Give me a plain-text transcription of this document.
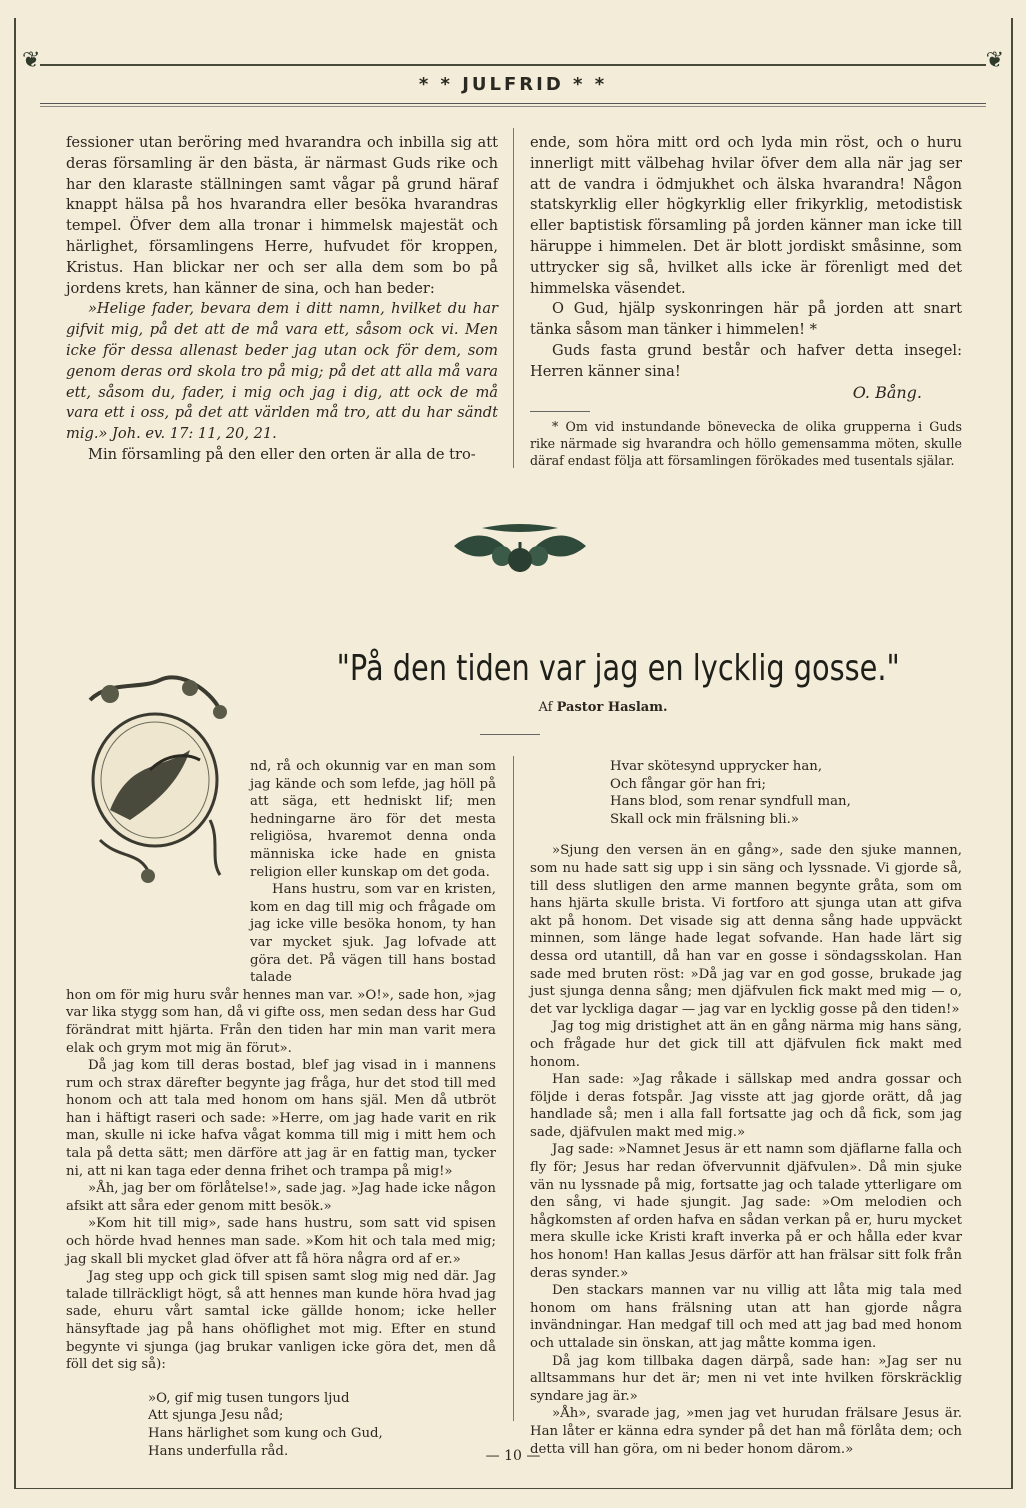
❦	❦
* * JULFRID * *

fessioner utan beröring med hvarandra och inbilla sig att deras församling är den bästa, är närmast Guds rike och har den klaraste ställningen samt vågar på grund häraf knappt hälsa på hos hvarandra eller besöka hvarandras tempel. Öfver dem alla tronar i himmelsk majestät och härlighet, församlingens Herre, hufvudet för kroppen, Kristus. Han blickar ner och ser alla dem som bo på jordens krets, han känner de sina, och han beder:

»Helige fader, bevara dem i ditt namn, hvilket du har gifvit mig, på det att de må vara ett, såsom ock vi. Men icke för dessa allenast beder jag utan ock för dem, som genom deras ord skola tro på mig; på det att alla må vara ett, såsom du, fader, i mig och jag i dig, att ock de må vara ett i oss, på det att världen må tro, att du har sändt mig.» Joh. ev. 17: 11, 20, 21.

Min församling på den eller den orten är alla de tro-

ende, som höra mitt ord och lyda min röst, och o huru innerligt mitt välbehag hvilar öfver dem alla när jag ser att de vandra i ödmjukhet och älska hvarandra! Någon statskyrklig eller högkyrklig eller frikyrklig, metodistisk eller baptistisk församling på jorden känner man icke till häruppe i himmelen. Det är blott jordiskt småsinne, som uttrycker sig så, hvilket alls icke är förenligt med det himmelska väsendet.

O Gud, hjälp syskonringen här på jorden att snart tänka såsom man tänker i himmelen! *

Guds fasta grund består och hafver detta insegel: Herren känner sina!

O. Bång.

* Om vid instundande bönevecka de olika grupperna i Guds rike närmade sig hvarandra och höllo gemensamma möten, skulle däraf endast följa att församlingen förökades med tusentals själar.

"På den tiden var jag en lycklig gosse."
Af Pastor Haslam.

nd, rå och okunnig var en man som jag kände och som lefde, jag höll på att säga, ett hedniskt lif; men hedningarne äro för det mesta religiösa, hvaremot denna onda människa icke hade en gnista religion eller kunskap om det goda.

Hans hustru, som var en kristen, kom en dag till mig och frågade om jag icke ville besöka honom, ty han var mycket sjuk. Jag lofvade att göra det. På vägen till hans bostad talade

hon om för mig huru svår hennes man var. »O!», sade hon, »jag var lika stygg som han, då vi gifte oss, men sedan dess har Gud förändrat mitt hjärta. Från den tiden har min man varit mera elak och grym mot mig än förut».

Då jag kom till deras bostad, blef jag visad in i mannens rum och strax därefter begynte jag fråga, hur det stod till med honom och att tala med honom om hans själ. Men då utbröt han i häftigt raseri och sade: »Herre, om jag hade varit en rik man, skulle ni icke hafva vågat komma till mig i mitt hem och tala på detta sätt; men därföre att jag är en fattig man, tycker ni, att ni kan taga eder denna frihet och trampa på mig!»

»Åh, jag ber om förlåtelse!», sade jag. »Jag hade icke någon afsikt att såra eder genom mitt besök.»

»Kom hit till mig», sade hans hustru, som satt vid spisen och hörde hvad hennes man sade. »Kom hit och tala med mig; jag skall bli mycket glad öfver att få höra några ord af er.»

Jag steg upp och gick till spisen samt slog mig ned där. Jag talade tillräckligt högt, så att hennes man kunde höra hvad jag sade, ehuru vårt samtal icke gällde honom; icke heller hänsyftade jag på hans ohöflighet mot mig. Efter en stund begynte vi sjunga (jag brukar vanligen icke göra det, men då föll det sig så):

»O, gif mig tusen tungors ljud
Att sjunga Jesu nåd;
Hans härlighet som kung och Gud,
Hans underfulla råd.
Hvar skötesynd upprycker han,
Och fångar gör han fri;
Hans blod, som renar syndfull man,
Skall ock min frälsning bli.»

»Sjung den versen än en gång», sade den sjuke mannen, som nu hade satt sig upp i sin säng och lyssnade. Vi gjorde så, till dess slutligen den arme mannen begynte gråta, som om hans hjärta skulle brista. Vi fortforo att sjunga utan att gifva akt på honom. Det visade sig att denna sång hade uppväckt minnen, som länge hade legat sofvande. Han hade lärt sig dessa ord utantill, då han var en gosse i söndagsskolan. Han sade med bruten röst: »Då jag var en god gosse, brukade jag just sjunga denna sång; men djäfvulen fick makt med mig — o, det var lyckliga dagar — jag var en lycklig gosse på den tiden!»

Jag tog mig dristighet att än en gång närma mig hans säng, och frågade hur det gick till att djäfvulen fick makt med honom.

Han sade: »Jag råkade i sällskap med andra gossar och följde i deras fotspår. Jag visste att jag gjorde orätt, då jag handlade så; men i alla fall fortsatte jag och då fick, som jag sade, djäfvulen makt med mig.»

Jag sade: »Namnet Jesus är ett namn som djäflarne falla och fly för; Jesus har redan öfvervunnit djäfvulen». Då min sjuke vän nu lyssnade på mig, fortsatte jag och talade ytterligare om den sång, vi hade sjungit. Jag sade: »Om melodien och hågkomsten af orden hafva en sådan verkan på er, huru mycket mera skulle icke Kristi kraft inverka på er och hålla eder kvar hos honom! Han kallas Jesus därför att han frälsar sitt folk från deras synder.»

Den stackars mannen var nu villig att låta mig tala med honom om hans frälsning utan att han gjorde några invändningar. Han medgaf till och med att jag bad med honom och uttalade sin önskan, att jag måtte komma igen.

Då jag kom tillbaka dagen därpå, sade han: »Jag ser nu alltsammans hur det är; men ni vet inte hvilken förskräcklig syndare jag är.»

»Åh», svarade jag, »men jag vet hurudan frälsare Jesus är. Han låter er känna edra synder på det han må förlåta dem; och detta vill han göra, om ni beder honom därom.»

— 10 —
